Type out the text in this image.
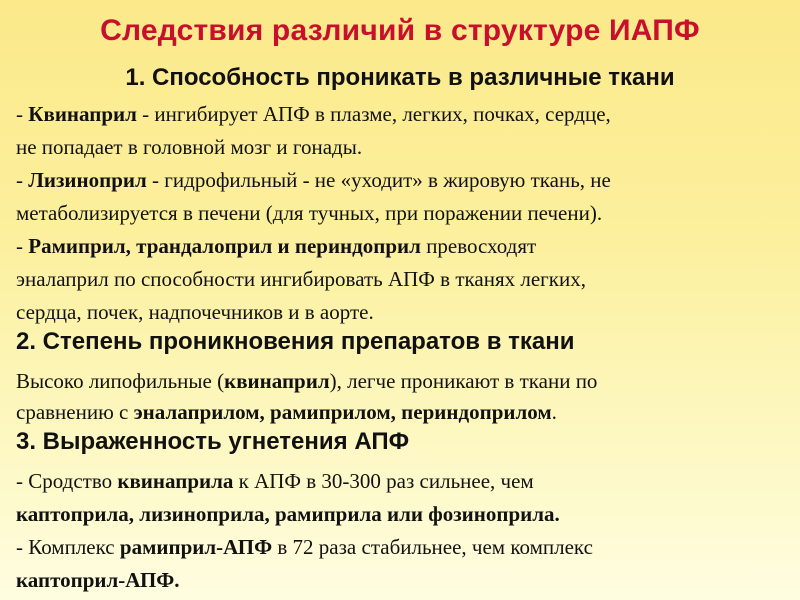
Следствия различий в структуре ИАПФ
1. Способность проникать в различные ткани

- Квинаприл - ингибирует АПФ в плазме, легких, почках, сердце,

не попадает в головной мозг и гонады.

- Лизиноприл - гидрофильный - не «уходит» в жировую ткань, не

метаболизируется в печени (для тучных, при поражении печени).

- Рамиприл, трандалоприл и периндоприл превосходят

эналаприл по способности ингибировать АПФ в тканях легких,

сердца, почек, надпочечников и в аорте.

2. Степень проникновения препаратов в ткани

Высоко липофильные (квинаприл), легче проникают в ткани по

сравнению с эналаприлом, рамиприлом, периндоприлом.

3. Выраженность угнетения АПФ

- Сродство квинаприла к АПФ в 30-300 раз сильнее, чем

каптоприла, лизиноприла, рамиприла или фозиноприла.

- Комплекс рамиприл-АПФ в 72 раза стабильнее, чем комплекс

каптоприл-АПФ.
